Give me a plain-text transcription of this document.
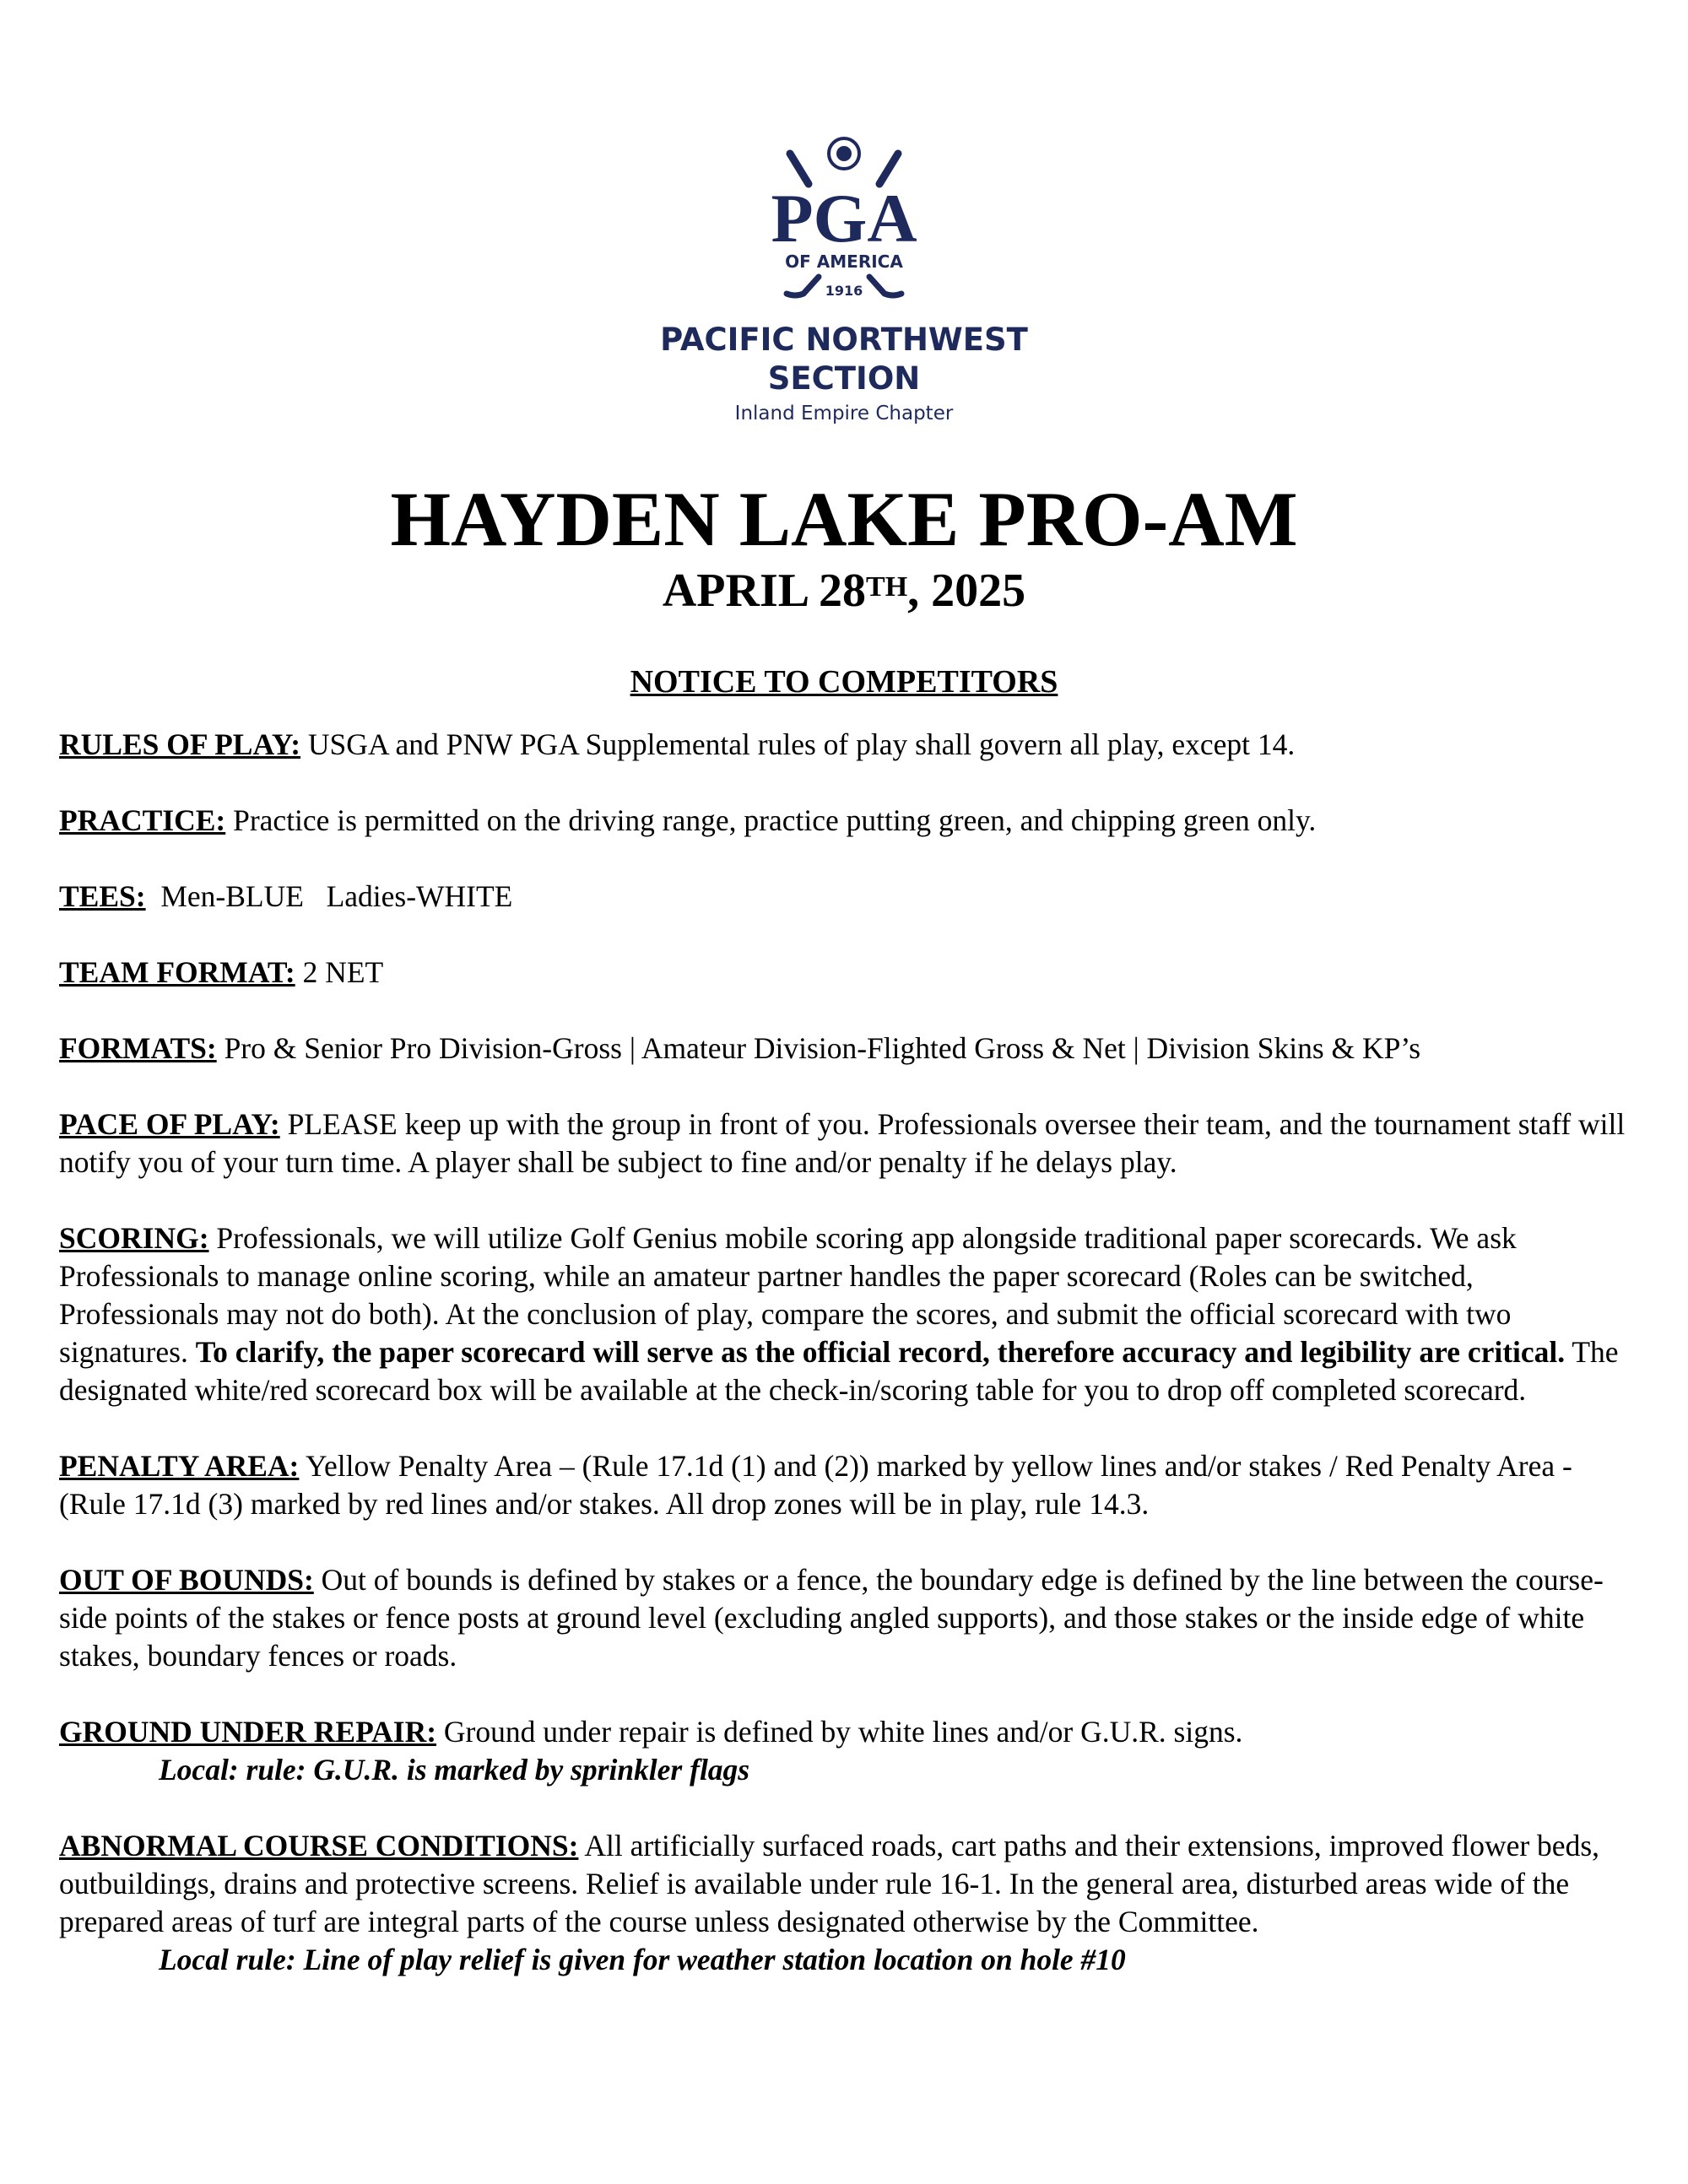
PGA
OF AMERICA
1916
PACIFIC NORTHWEST
SECTION
Inland Empire Chapter
HAYDEN LAKE PRO-AM
APRIL 28TH, 2025
NOTICE TO COMPETITORS

RULES OF PLAY: USGA and PNW PGA Supplemental rules of play shall govern all play, except 14.

PRACTICE: Practice is permitted on the driving range, practice putting green, and chipping green only.

TEES:  Men-BLUE   Ladies-WHITE

TEAM FORMAT: 2 NET

FORMATS: Pro & Senior Pro Division-Gross | Amateur Division-Flighted Gross & Net | Division Skins & KP’s

PACE OF PLAY: PLEASE keep up with the group in front of you. Professionals oversee their team, and the tournament staff will notify you of your turn time. A player shall be subject to fine and/or penalty if he delays play.

SCORING: Professionals, we will utilize Golf Genius mobile scoring app alongside traditional paper scorecards. We ask Professionals to manage online scoring, while an amateur partner handles the paper scorecard (Roles can be switched, Professionals may not do both). At the conclusion of play, compare the scores, and submit the official scorecard with two signatures. To clarify, the paper scorecard will serve as the official record, therefore accuracy and legibility are critical. The designated white/red scorecard box will be available at the check-in/scoring table for you to drop off completed scorecard.

PENALTY AREA: Yellow Penalty Area – (Rule 17.1d (1) and (2)) marked by yellow lines and/or stakes / Red Penalty Area - (Rule 17.1d (3) marked by red lines and/or stakes. All drop zones will be in play, rule 14.3.

OUT OF BOUNDS: Out of bounds is defined by stakes or a fence, the boundary edge is defined by the line between the course-side points of the stakes or fence posts at ground level (excluding angled supports), and those stakes or the inside edge of white stakes, boundary fences or roads.

GROUND UNDER REPAIR: Ground under repair is defined by white lines and/or G.U.R. signs.
Local: rule: G.U.R. is marked by sprinkler flags

ABNORMAL COURSE CONDITIONS: All artificially surfaced roads, cart paths and their extensions, improved flower beds, outbuildings, drains and protective screens. Relief is available under rule 16-1. In the general area, disturbed areas wide of the prepared areas of turf are integral parts of the course unless designated otherwise by the Committee.
Local rule: Line of play relief is given for weather station location on hole #10
